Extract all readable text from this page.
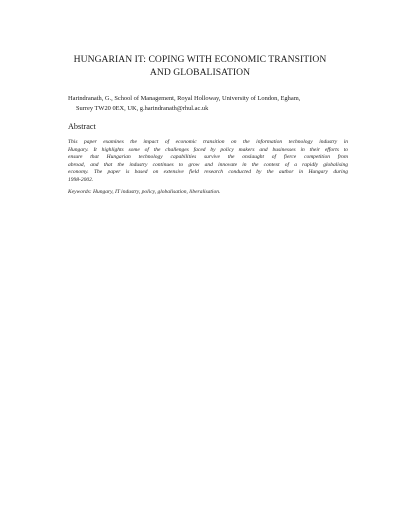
HUNGARIAN IT: COPING WITH ECONOMIC TRANSITION
AND GLOBALISATION
Harindranath, G., School of Management, Royal Holloway, University of London, Egham,
Surrey TW20 0EX, UK, g.harindranath@rhul.ac.uk
Abstract
This paper examines the impact of economic transition on the information technology industry in
Hungary. It highlights some of the challenges faced by policy makers and businesses in their efforts to
ensure that Hungarian technology capabilities survive the onslaught of fierce competition from
abroad, and that the industry continues to grow and innovate in the context of a rapidly globalising
economy. The paper is based on extensive field research conducted by the author in Hungary during
1998-2002.
Keywords: Hungary, IT industry, policy, globalisation, liberalisation.
